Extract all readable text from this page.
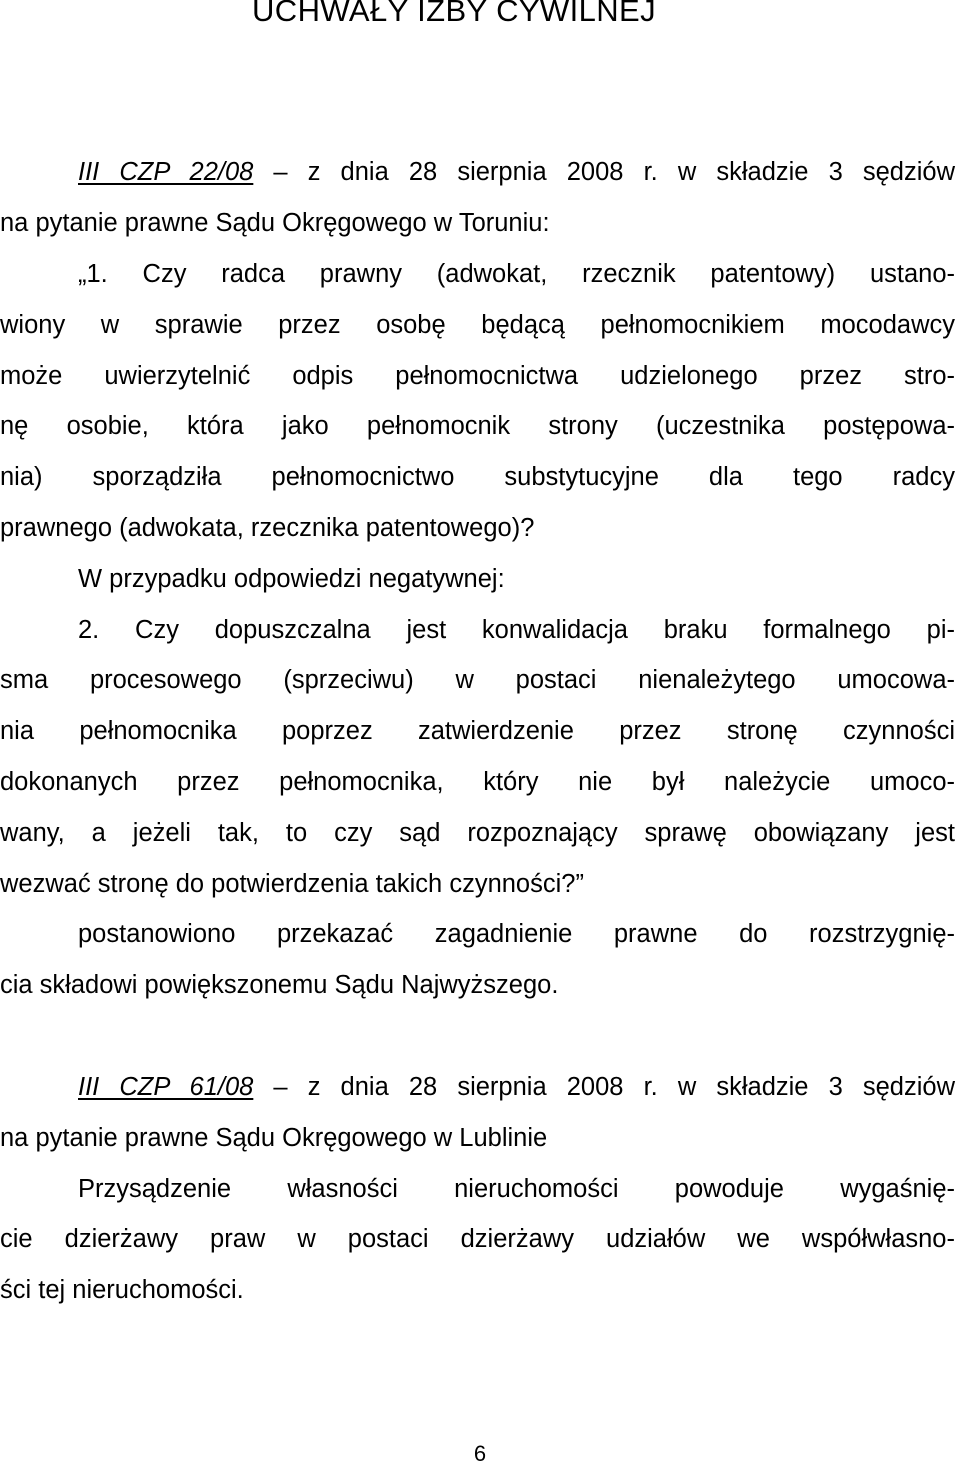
UCHWAŁY IZBY CYWILNEJ
III CZP 22/08 – z dnia 28 sierpnia 2008 r. w składzie 3 sędziów
na pytanie prawne Sądu Okręgowego w Toruniu:
„1. Czy radca prawny (adwokat, rzecznik patentowy) ustano-
wiony w sprawie przez osobę będącą pełnomocnikiem mocodawcy
może uwierzytelnić odpis pełnomocnictwa udzielonego przez stro-
nę osobie, która jako pełnomocnik strony (uczestnika postępowa-
nia) sporządziła pełnomocnictwo substytucyjne dla tego radcy
prawnego (adwokata, rzecznika patentowego)?
W przypadku odpowiedzi negatywnej:
2. Czy dopuszczalna jest konwalidacja braku formalnego pi-
sma procesowego (sprzeciwu) w postaci nienależytego umocowa-
nia pełnomocnika poprzez zatwierdzenie przez stronę czynności
dokonanych przez pełnomocnika, który nie był należycie umoco-
wany, a jeżeli tak, to czy sąd rozpoznający sprawę obowiązany jest
wezwać stronę do potwierdzenia takich czynności?”
postanowiono przekazać zagadnienie prawne do rozstrzygnię-
cia składowi powiększonemu Sądu Najwyższego.
III CZP 61/08 – z dnia 28 sierpnia 2008 r. w składzie 3 sędziów
na pytanie prawne Sądu Okręgowego w Lublinie
Przysądzenie własności nieruchomości powoduje wygaśnię-
cie dzierżawy praw w postaci dzierżawy udziałów we współwłasno-
ści tej nieruchomości.
6
